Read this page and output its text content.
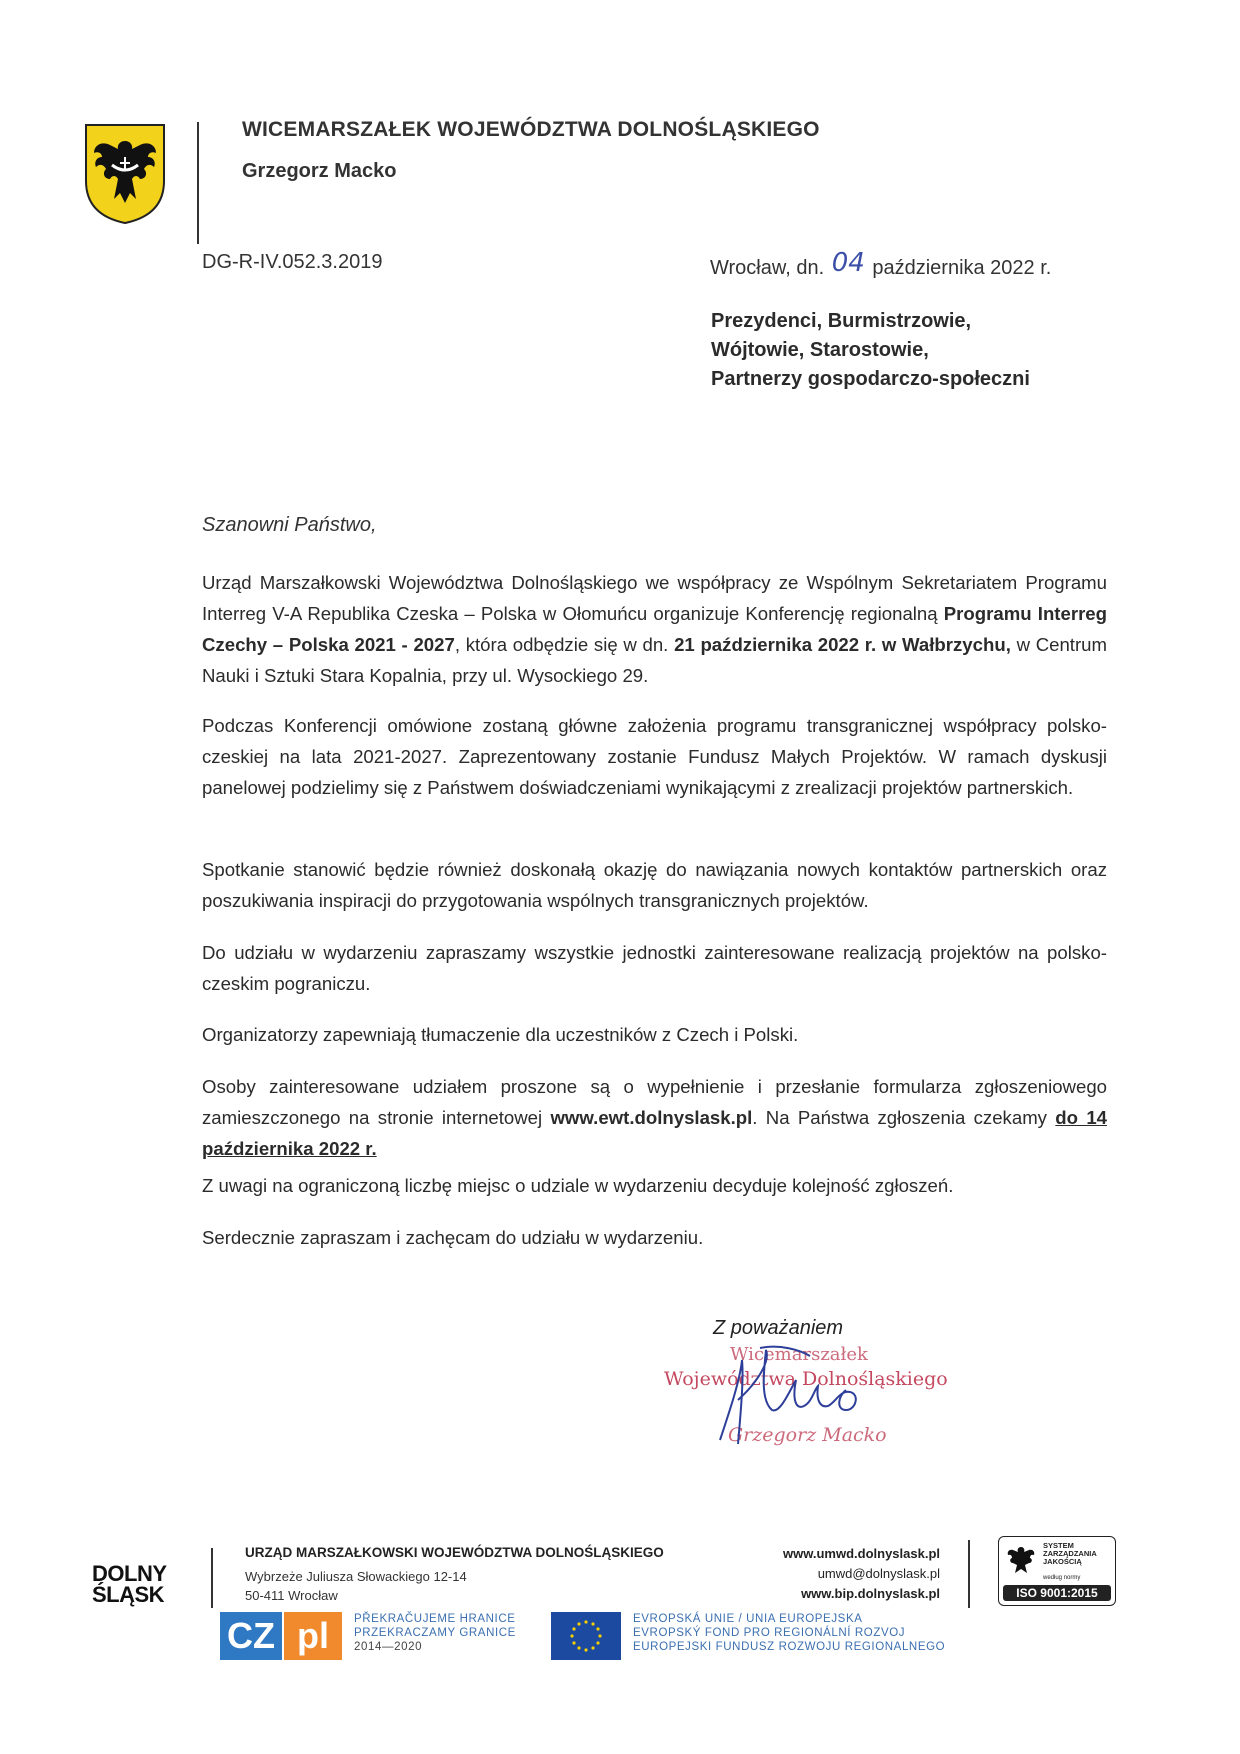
WICEMARSZAŁEK WOJEWÓDZTWA DOLNOŚLĄSKIEGO
Grzegorz Macko
DG-R-IV.052.3.2019	Wrocław, dn. 04 października 2022 r.
Prezydenci, Burmistrzowie,
Wójtowie, Starostowie,
Partnerzy gospodarczo-społeczni
Szanowni Państwo,
Urząd Marszałkowski Województwa Dolnośląskiego we współpracy ze Wspólnym Sekretariatem Programu Interreg V-A Republika Czeska – Polska w Ołomuńcu organizuje Konferencję regionalną Programu Interreg Czechy – Polska 2021 - 2027, która odbędzie się w dn. 21 października 2022 r. w Wałbrzychu, w Centrum Nauki i Sztuki Stara Kopalnia, przy ul. Wysockiego 29.
Podczas Konferencji omówione zostaną główne założenia programu transgranicznej współpracy polsko-czeskiej na lata 2021-2027. Zaprezentowany zostanie Fundusz Małych Projektów. W ramach dyskusji panelowej podzielimy się z Państwem doświadczeniami wynikającymi z zrealizacji projektów partnerskich.
Spotkanie stanowić będzie również doskonałą okazję do nawiązania nowych kontaktów partnerskich oraz poszukiwania inspiracji do przygotowania wspólnych transgranicznych projektów.
Do udziału w wydarzeniu zapraszamy wszystkie jednostki zainteresowane realizacją projektów na polsko-czeskim pograniczu.
Organizatorzy zapewniają tłumaczenie dla uczestników z Czech i Polski.
Osoby zainteresowane udziałem proszone są o wypełnienie i przesłanie formularza zgłoszeniowego zamieszczonego na stronie internetowej www.ewt.dolnyslask.pl. Na Państwa zgłoszenia czekamy do 14 października 2022 r.
Z uwagi na ograniczoną liczbę miejsc o udziale w wydarzeniu decyduje kolejność zgłoszeń.
Serdecznie zapraszam i zachęcam do udziału w wydarzeniu.
Z poważaniem
Wicemarszałek
Województwa Dolnośląskiego
Grzegorz Macko
DOLNY
ŚLĄSK
URZĄD MARSZAŁKOWSKI WOJEWÓDZTWA DOLNOŚLĄSKIEGO
Wybrzeże Juliusza Słowackiego 12-14
50-411 Wrocław
www.umwd.dolnyslask.pl
umwd@dolnyslask.pl
www.bip.dolnyslask.pl
SYSTEM
ZARZĄDZANIA
JAKOŚCIĄ
według normy
ISO 9001:2015
CZ pl	PŘEKRAČUJEME HRANICE
PRZEKRACZAMY GRANICE
2014—2020
EVROPSKÁ UNIE / UNIA EUROPEJSKA
EVROPSKÝ FOND PRO REGIONÁLNÍ ROZVOJ
EUROPEJSKI FUNDUSZ ROZWOJU REGIONALNEGO
